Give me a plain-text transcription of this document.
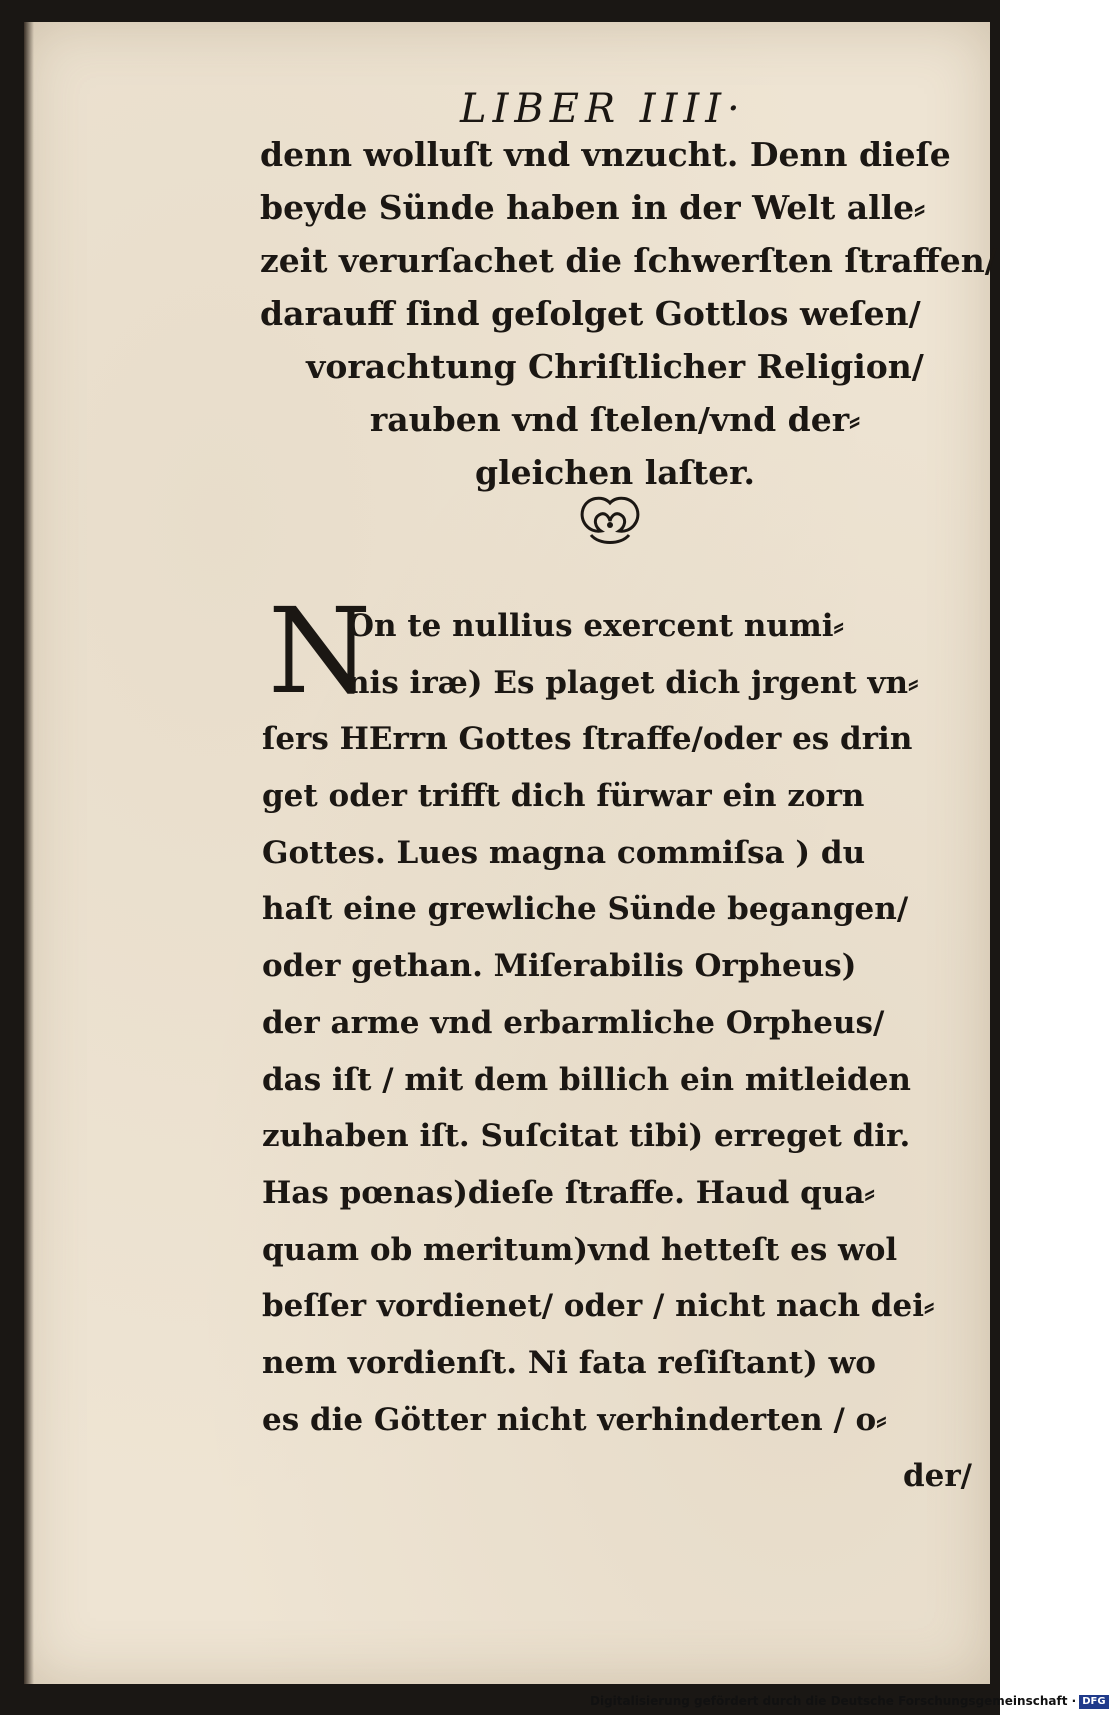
LIBER IIII·
denn wolluſt vnd vnzucht. Denn dieſe
beyde Sünde haben in der Welt alle⸗
zeit verurſachet die ſchwerſten ſtraffen/
darauff ſind geſolget Gottlos weſen/
vorachtung Chriſtlicher Religion/
rauben vnd ſtelen/vnd der⸗
gleichen laſter.
N
On te nullius exercent numi⸗
nis iræ) Es plaget dich jrgent vn⸗
ſers HErrn Gottes ſtraffe/oder es drin
get oder trifft dich fürwar ein zorn
Gottes. Lues magna commiſsa ) du
haſt eine grewliche Sünde begangen/
oder gethan. Miſerabilis Orpheus)
der arme vnd erbarmliche Orpheus/
das iſt / mit dem billich ein mitleiden
zuhaben iſt. Suſcitat tibi) erreget dir.
Has pœnas)dieſe ſtraffe. Haud qua⸗
quam ob meritum)vnd hetteſt es wol
beſſer vordienet/ oder / nicht nach dei⸗
nem vordienſt. Ni fata reſiſtant) wo
es die Götter nicht verhinderten / o⸗
der/
Digitalisierung gefördert durch die Deutsche Forschungsgemeinschaft · DFG
